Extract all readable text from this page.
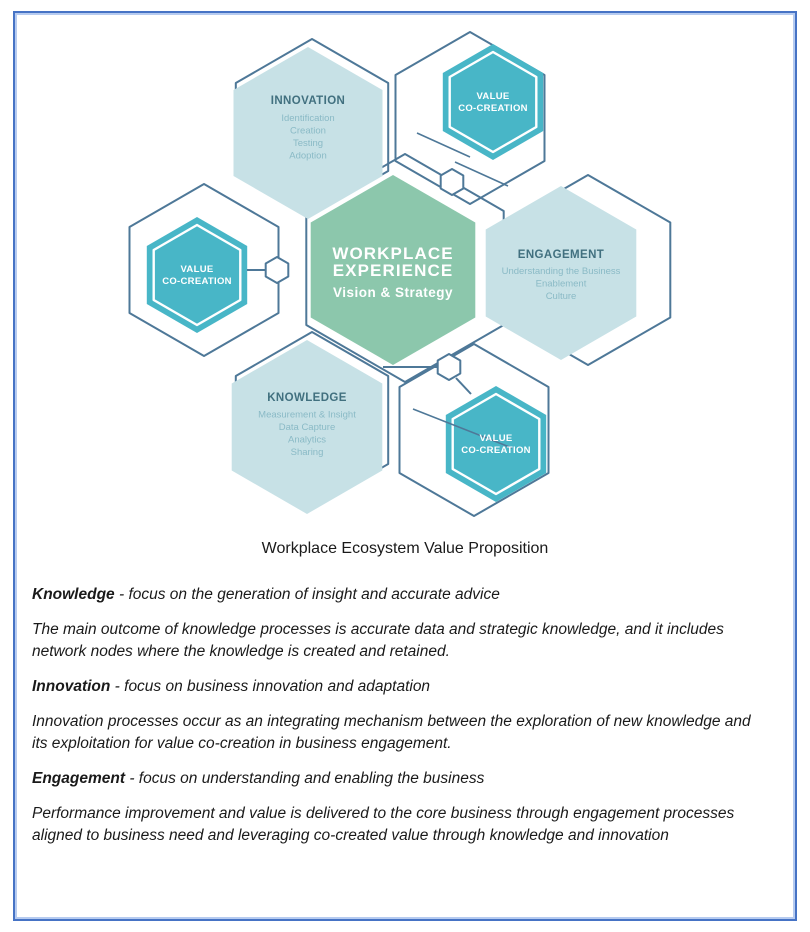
INNOVATION
Identification
Creation
Testing
Adoption
ENGAGEMENT
Understanding the Business
Enablement
Culture
KNOWLEDGE
Measurement & Insight
Data Capture
Analytics
Sharing
WORKPLACE
EXPERIENCE
Vision & Strategy
VALUE
CO-CREATION
VALUE
CO-CREATION
VALUE
CO-CREATION
Workplace Ecosystem Value Proposition

Knowledge - focus on the generation of insight and accurate advice

The main outcome of knowledge processes is accurate data and strategic knowledge, and it includes network nodes where the knowledge is created and retained.

Innovation - focus on business innovation and adaptation

Innovation processes occur as an integrating mechanism between the exploration of new knowledge and its exploitation for value co-creation in business engagement.

Engagement - focus on understanding and enabling the business

Performance improvement and value is delivered to the core business through engagement processes aligned to business need and leveraging co-created value through knowledge and innovation
